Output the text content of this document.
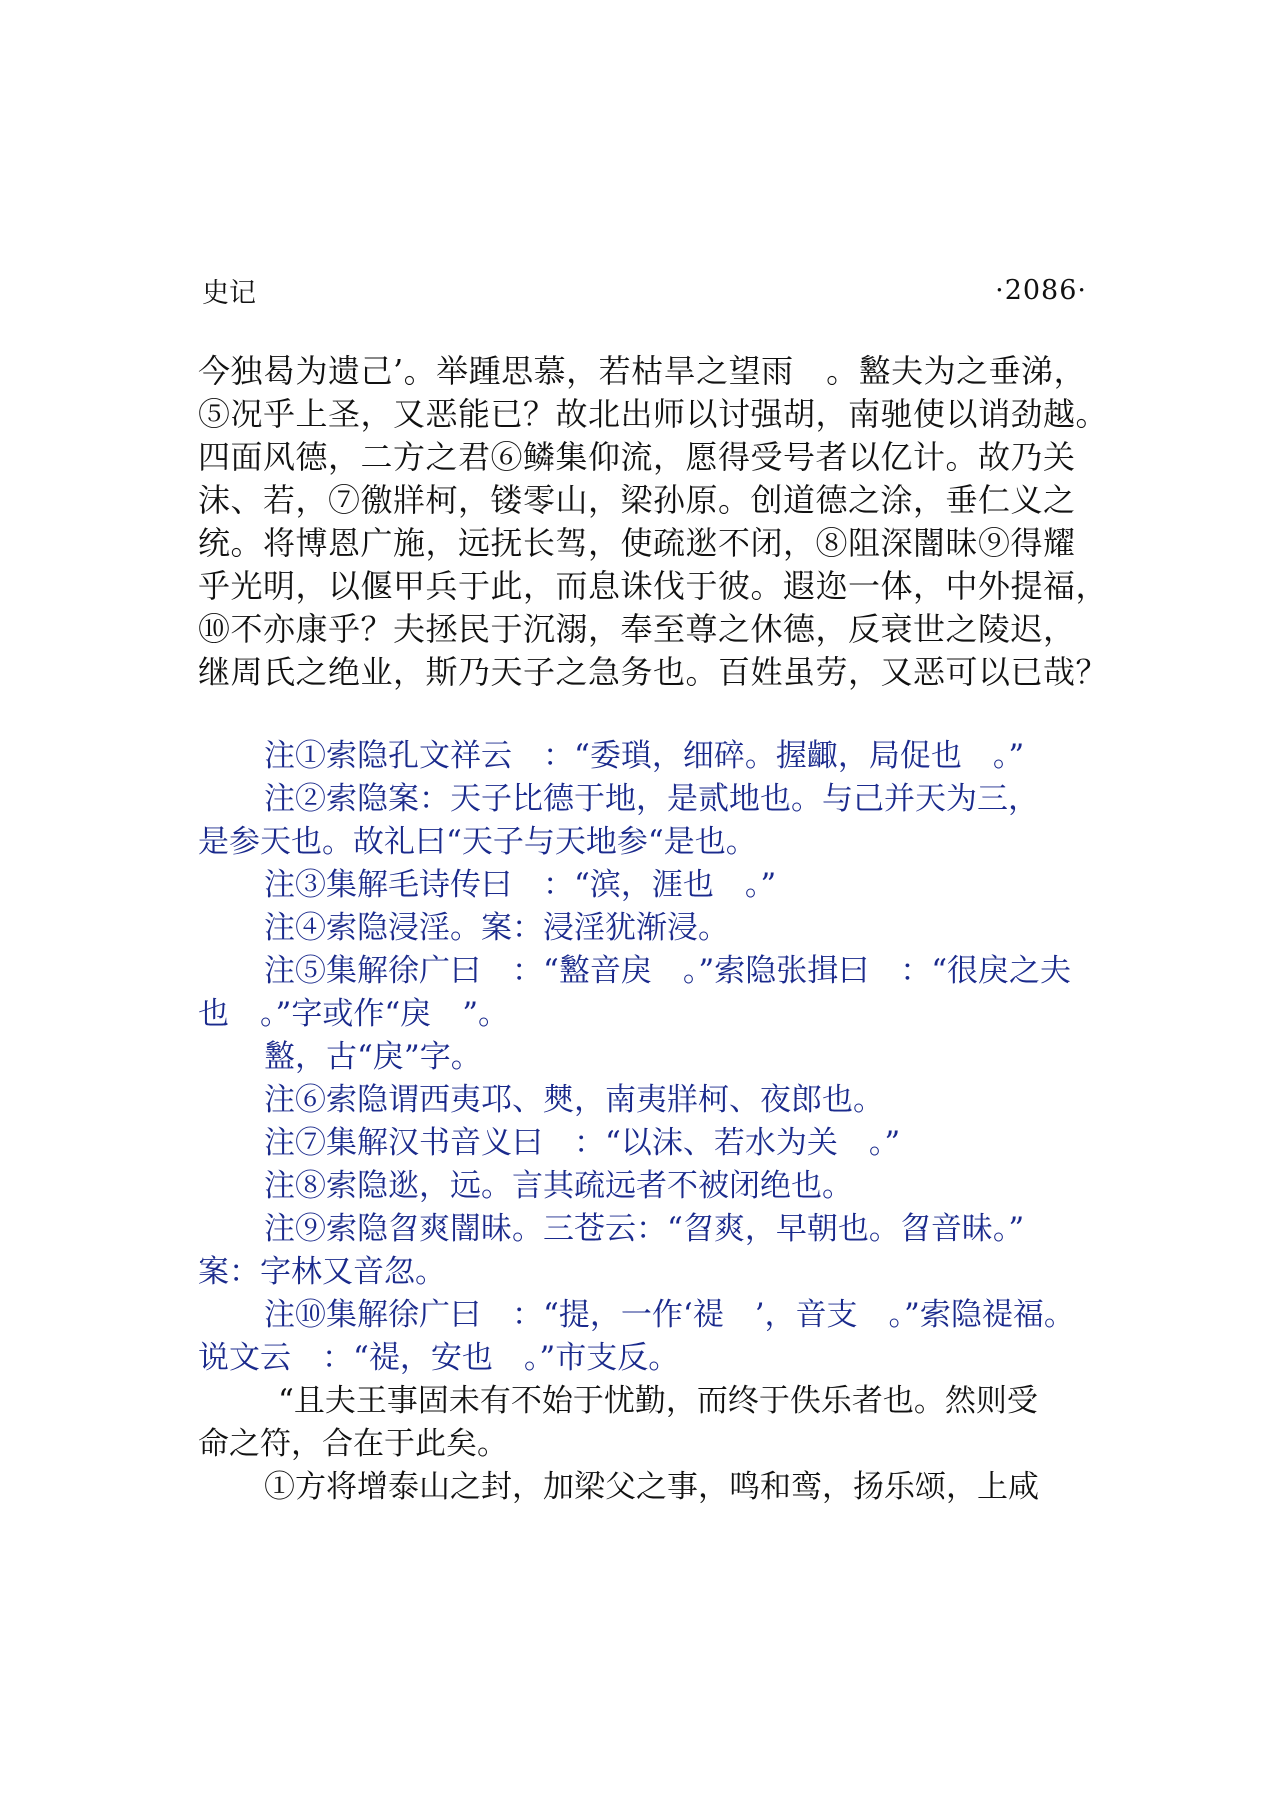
史记	·2086·
今独曷为遗己’。举踵思慕，若枯旱之望雨　。盭夫为之垂涕，
⑤况乎上圣，又恶能已？故北出师以讨强胡，南驰使以诮劲越。
四面风德，二方之君⑥鳞集仰流，愿得受号者以亿计。故乃关
沫、若，⑦徼牂柯，镂零山，梁孙原。创道德之涂，垂仁义之
统。将博恩广施，远抚长驾，使疏逖不闭，⑧阻深闇昧⑨得耀
乎光明，以偃甲兵于此，而息诛伐于彼。遐迩一体，中外提福，
⑩不亦康乎？夫拯民于沉溺，奉至尊之休德，反衰世之陵迟，
继周氏之绝业，斯乃天子之急务也。百姓虽劳，又恶可以已哉？
注①索隐孔文祥云　：“委瑣，细碎。握齱，局促也　。”
注②索隐案：天子比德于地，是贰地也。与己并天为三，
是参天也。故礼曰“天子与天地参“是也。
注③集解毛诗传曰　：“滨，涯也　。”
注④索隐浸淫。案：浸淫犹渐浸。
注⑤集解徐广曰　：“盭音戾　。”索隐张揖曰　：“很戾之夫
也　。”字或作“戾　”。
盭，古“戾”字。
注⑥索隐谓西夷邛、僰，南夷牂柯、夜郎也。
注⑦集解汉书音义曰　：“以沫、若水为关　。”
注⑧索隐逖，远。言其疏远者不被闭绝也。
注⑨索隐曶爽闇昧。三苍云：“曶爽，早朝也。曶音昧。”
案：字林又音忽。
注⑩集解徐广曰　：“提，一作‘禔　’，音支　。”索隐禔福。
说文云　：“禔，安也　。”市支反。
“且夫王事固未有不始于忧勤，而终于佚乐者也。然则受
命之符，合在于此矣。
①方将增泰山之封，加梁父之事，鸣和鸾，扬乐颂，上咸
